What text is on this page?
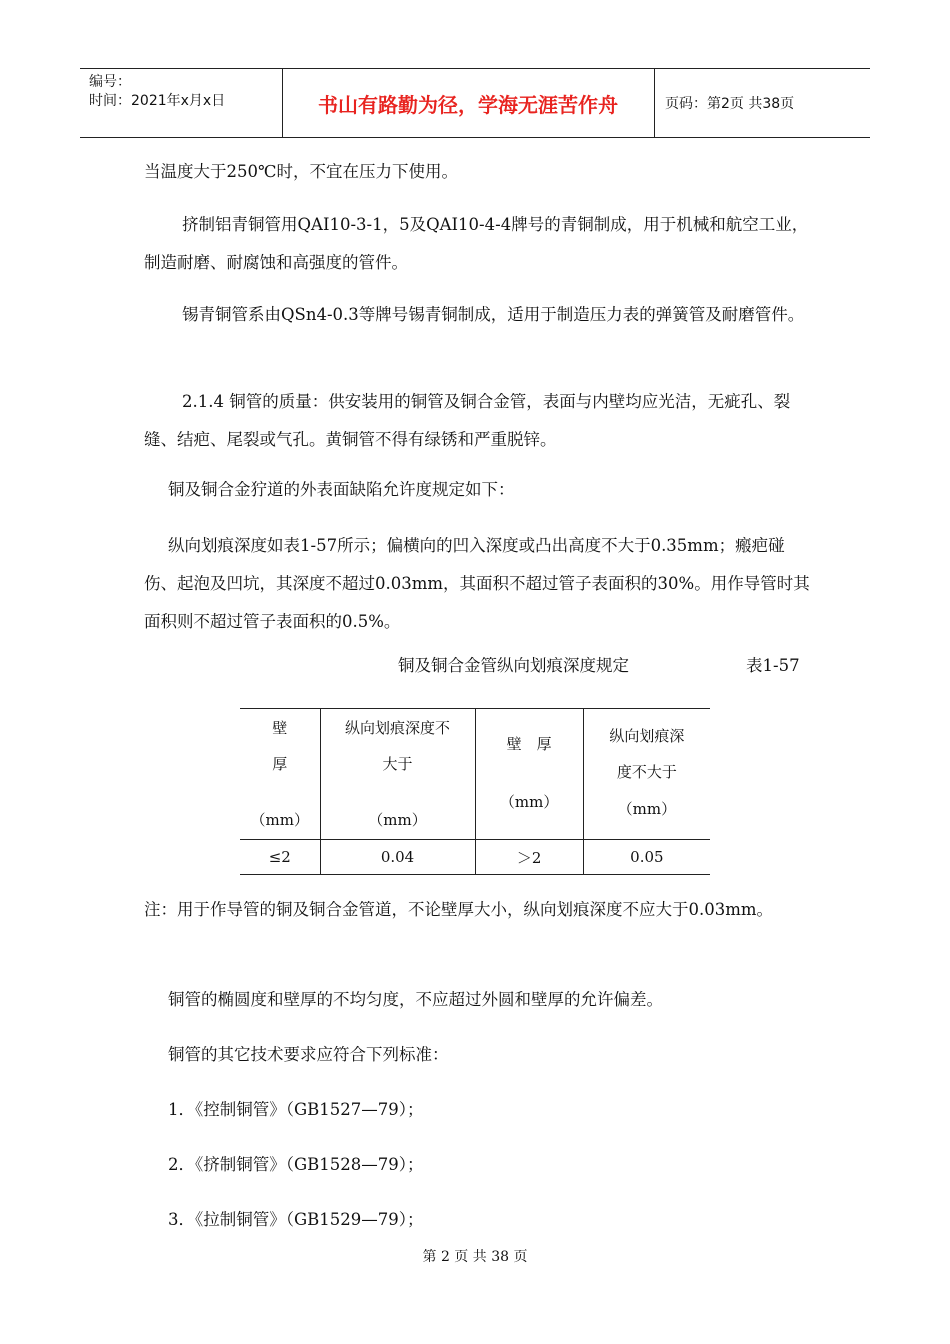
编号：
时间：2021年x月x日	书山有路勤为径，学海无涯苦作舟	页码：第2页 共38页

当温度大于250℃时，不宜在压力下使用。

挤制铝青铜管用QAI10-3-1，5及QAI10-4-4牌号的青铜制成，用于机械和航空工业，制造耐磨、耐腐蚀和高强度的管件。

锡青铜管系由QSn4-0.3等牌号锡青铜制成，适用于制造压力表的弹簧管及耐磨管件。

2.1.4 铜管的质量：供安装用的铜管及铜合金管，表面与内壁均应光洁，无疵孔、裂缝、结疤、尾裂或气孔。黄铜管不得有绿锈和严重脱锌。

铜及铜合金狞道的外表面缺陷允许度规定如下：

纵向划痕深度如表1-57所示；偏横向的凹入深度或凸出高度不大于0.35mm；瘢疤碰伤、起泡及凹坑，其深度不超过0.03mm，其面积不超过管子表面积的30%。用作导管时其面积则不超过管子表面积的0.5%。

铜及铜合金管纵向划痕深度规定	表1-57
壁
厚
（mm）	纵向划痕深度不
大于
（mm）	壁　厚
（mm）	纵向划痕深
度不大于
（mm）

≤2	0.04	＞2	0.05

注：用于作导管的铜及铜合金管道，不论壁厚大小，纵向划痕深度不应大于0.03mm。

铜管的椭圆度和壁厚的不均匀度，不应超过外圆和壁厚的允许偏差。

铜管的其它技术要求应符合下列标准：

1．《控制铜管》（GB1527—79）；

2．《挤制铜管》（GB1528—79）；

3．《拉制铜管》（GB1529—79）；

第 2 页 共 38 页
